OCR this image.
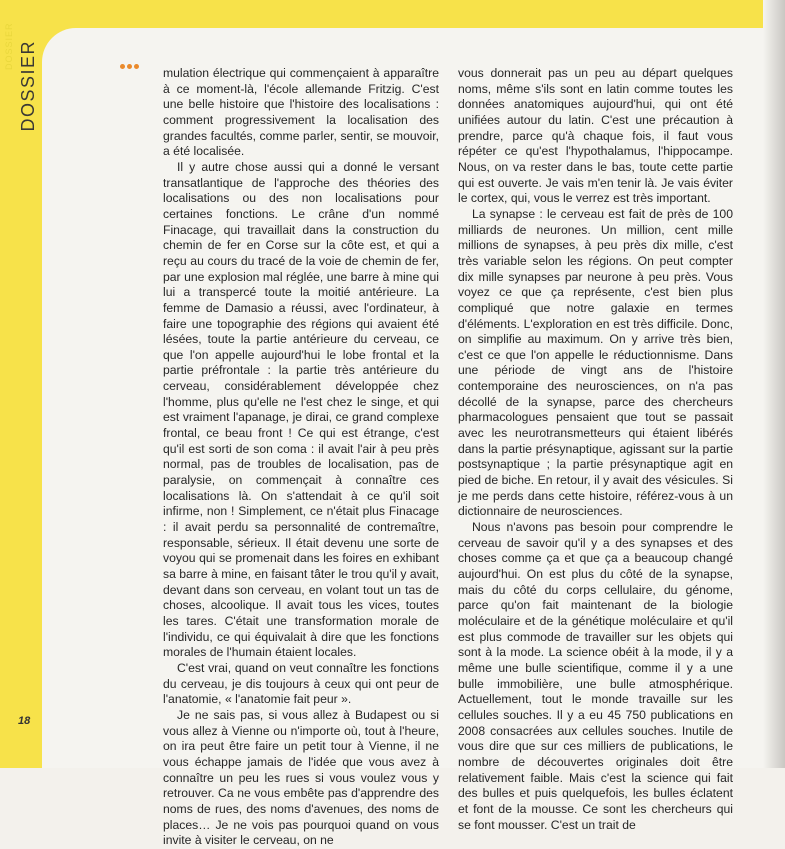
DOSSIER DOSSIER	mulation électrique qui commençaient à apparaître à ce moment-là, l'école allemande Fritzig. C'est une belle histoire que l'histoire des localisations : comment progressivement la localisation des grandes facultés, comme parler, sentir, se mouvoir, a été localisée.

Il y autre chose aussi qui a donné le versant transatlantique de l'approche des théories des localisations ou des non localisations pour certaines fonctions. Le crâne d'un nommé Finacage, qui travaillait dans la construction du chemin de fer en Corse sur la côte est, et qui a reçu au cours du tracé de la voie de chemin de fer, par une explosion mal réglée, une barre à mine qui lui a transpercé toute la moitié antérieure. La femme de Damasio a réussi, avec l'ordinateur, à faire une topographie des régions qui avaient été lésées, toute la partie antérieure du cerveau, ce que l'on appelle aujourd'hui le lobe frontal et la partie préfrontale : la partie très antérieure du cerveau, considérablement développée chez l'homme, plus qu'elle ne l'est chez le singe, et qui est vraiment l'apanage, je dirai, ce grand complexe frontal, ce beau front ! Ce qui est étrange, c'est qu'il est sorti de son coma : il avait l'air à peu près normal, pas de troubles de localisation, pas de paralysie, on commençait à connaître ces localisations là. On s'attendait à ce qu'il soit infirme, non ! Simplement, ce n'était plus Finacage : il avait perdu sa personnalité de contremaître, responsable, sérieux. Il était devenu une sorte de voyou qui se promenait dans les foires en exhibant sa barre à mine, en faisant tâter le trou qu'il y avait, devant dans son cerveau, en volant tout un tas de choses, alcoolique. Il avait tous les vices, toutes les tares. C'était une transformation morale de l'individu, ce qui équivalait à dire que les fonctions morales de l'humain étaient locales.

C'est vrai, quand on veut connaître les fonctions du cerveau, je dis toujours à ceux qui ont peur de l'anatomie, « l'anatomie fait peur ».

Je ne sais pas, si vous allez à Budapest ou si vous allez à Vienne ou n'importe où, tout à l'heure, on ira peut être faire un petit tour à Vienne, il ne vous échappe jamais de l'idée que vous avez à connaître un peu les rues si vous voulez vous y retrouver. Ca ne vous embête pas d'apprendre des noms de rues, des noms d'avenues, des noms de places… Je ne vois pas pourquoi quand on vous invite à visiter le cerveau, on ne

vous donnerait pas un peu au départ quelques noms, même s'ils sont en latin comme toutes les données anatomiques aujourd'hui, qui ont été unifiées autour du latin. C'est une précaution à prendre, parce qu'à chaque fois, il faut vous répéter ce qu'est l'hypothalamus, l'hippocampe. Nous, on va rester dans le bas, toute cette partie qui est ouverte. Je vais m'en tenir là. Je vais éviter le cortex, qui, vous le verrez est très important.

La synapse : le cerveau est fait de près de 100 milliards de neurones. Un million, cent mille millions de synapses, à peu près dix mille, c'est très variable selon les régions. On peut compter dix mille synapses par neurone à peu près. Vous voyez ce que ça représente, c'est bien plus compliqué que notre galaxie en termes d'éléments. L'exploration en est très difficile. Donc, on simplifie au maximum. On y arrive très bien, c'est ce que l'on appelle le réductionnisme. Dans une période de vingt ans de l'histoire contemporaine des neurosciences, on n'a pas décollé de la synapse, parce des chercheurs pharmacologues pensaient que tout se passait avec les neurotransmetteurs qui étaient libérés dans la partie présynaptique, agissant sur la partie postsynaptique ; la partie présynaptique agit en pied de biche. En retour, il y avait des vésicules. Si je me perds dans cette histoire, référez-vous à un dictionnaire de neurosciences.

Nous n'avons pas besoin pour comprendre le cerveau de savoir qu'il y a des synapses et des choses comme ça et que ça a beaucoup changé aujourd'hui. On est plus du côté de la synapse, mais du côté du corps cellulaire, du génome, parce qu'on fait maintenant de la biologie moléculaire et de la génétique moléculaire et qu'il est plus commode de travailler sur les objets qui sont à la mode. La science obéit à la mode, il y a même une bulle scientifique, comme il y a une bulle immobilière, une bulle atmosphérique. Actuellement, tout le monde travaille sur les cellules souches. Il y a eu 45 750 publications en 2008 consacrées aux cellules souches. Inutile de vous dire que sur ces milliers de publications, le nombre de découvertes originales doit être relativement faible. Mais c'est la science qui fait des bulles et puis quelquefois, les bulles éclatent et font de la mousse. Ce sont les chercheurs qui se font mousser. C'est un trait de

18
